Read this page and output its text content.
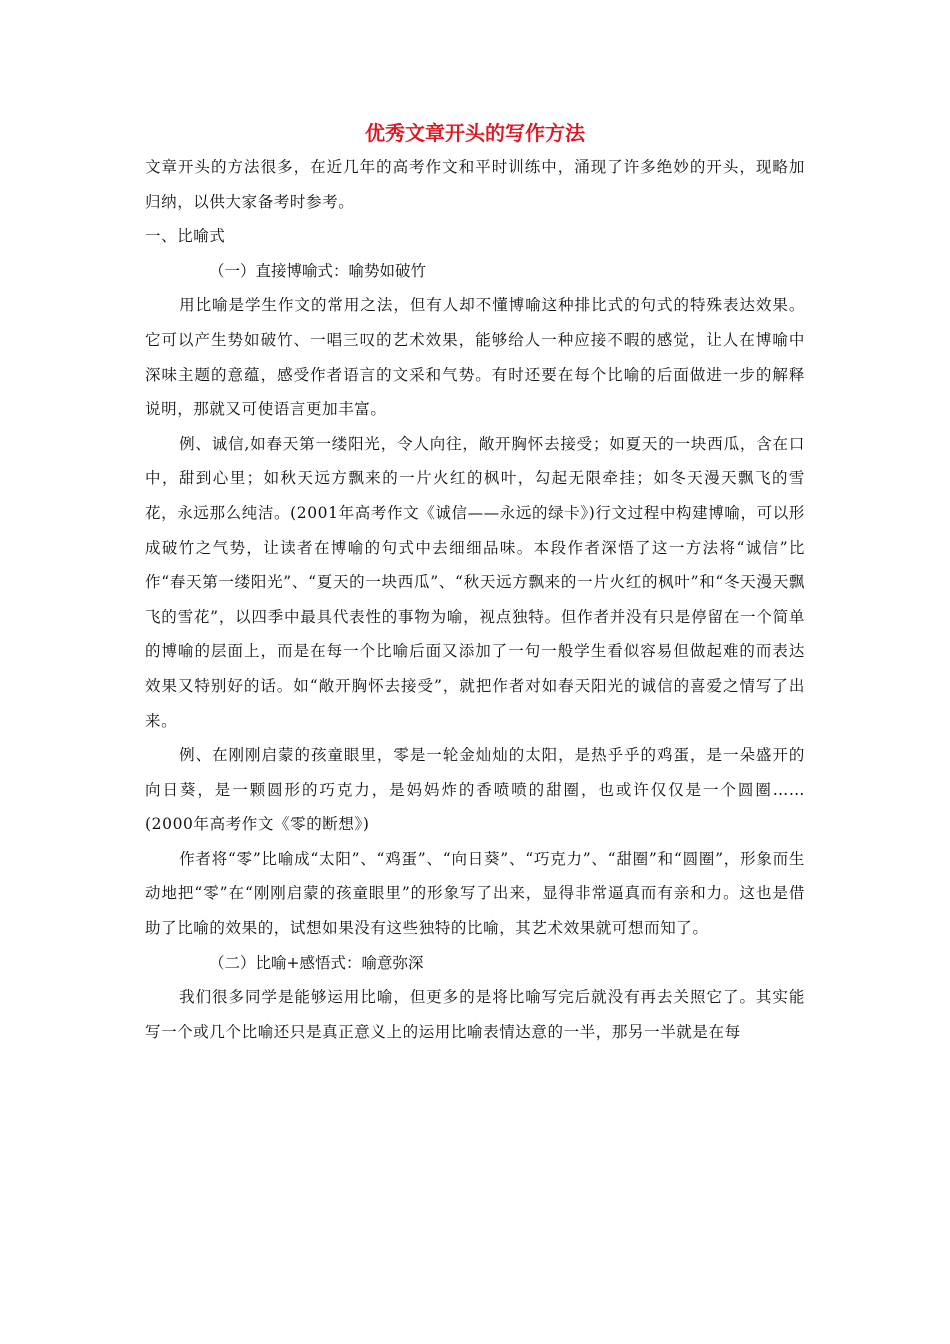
优秀文章开头的写作方法

文章开头的方法很多，在近几年的高考作文和平时训练中，涌现了许多绝妙的开头，现略加归纳，以供大家备考时参考。

一、比喻式

（一）直接博喻式：喻势如破竹

用比喻是学生作文的常用之法，但有人却不懂博喻这种排比式的句式的特殊表达效果。它可以产生势如破竹、一唱三叹的艺术效果，能够给人一种应接不暇的感觉，让人在博喻中深味主题的意蕴，感受作者语言的文采和气势。有时还要在每个比喻的后面做进一步的解释说明，那就又可使语言更加丰富。

例、诚信,如春天第一缕阳光，令人向往，敞开胸怀去接受；如夏天的一块西瓜，含在口中，甜到心里；如秋天远方飘来的一片火红的枫叶，勾起无限牵挂；如冬天漫天飘飞的雪花，永远那么纯洁。(2001年高考作文《诚信——永远的绿卡》)行文过程中构建博喻，可以形成破竹之气势，让读者在博喻的句式中去细细品味。本段作者深悟了这一方法将“诚信”比作“春天第一缕阳光”、“夏天的一块西瓜”、“秋天远方飘来的一片火红的枫叶”和“冬天漫天飘飞的雪花”，以四季中最具代表性的事物为喻，视点独特。但作者并没有只是停留在一个简单的博喻的层面上，而是在每一个比喻后面又添加了一句一般学生看似容易但做起难的而表达效果又特别好的话。如“敞开胸怀去接受”，就把作者对如春天阳光的诚信的喜爱之情写了出来。

例、在刚刚启蒙的孩童眼里，零是一轮金灿灿的太阳，是热乎乎的鸡蛋，是一朵盛开的向日葵，是一颗圆形的巧克力，是妈妈炸的香喷喷的甜圈，也或许仅仅是一个圆圈……(2000年高考作文《零的断想》)

作者将“零”比喻成“太阳”、“鸡蛋”、“向日葵”、“巧克力”、“甜圈”和“圆圈”，形象而生动地把“零”在“刚刚启蒙的孩童眼里”的形象写了出来，显得非常逼真而有亲和力。这也是借助了比喻的效果的，试想如果没有这些独特的比喻，其艺术效果就可想而知了。

（二）比喻+感悟式：喻意弥深

我们很多同学是能够运用比喻，但更多的是将比喻写完后就没有再去关照它了。其实能写一个或几个比喻还只是真正意义上的运用比喻表情达意的一半，那另一半就是在每
